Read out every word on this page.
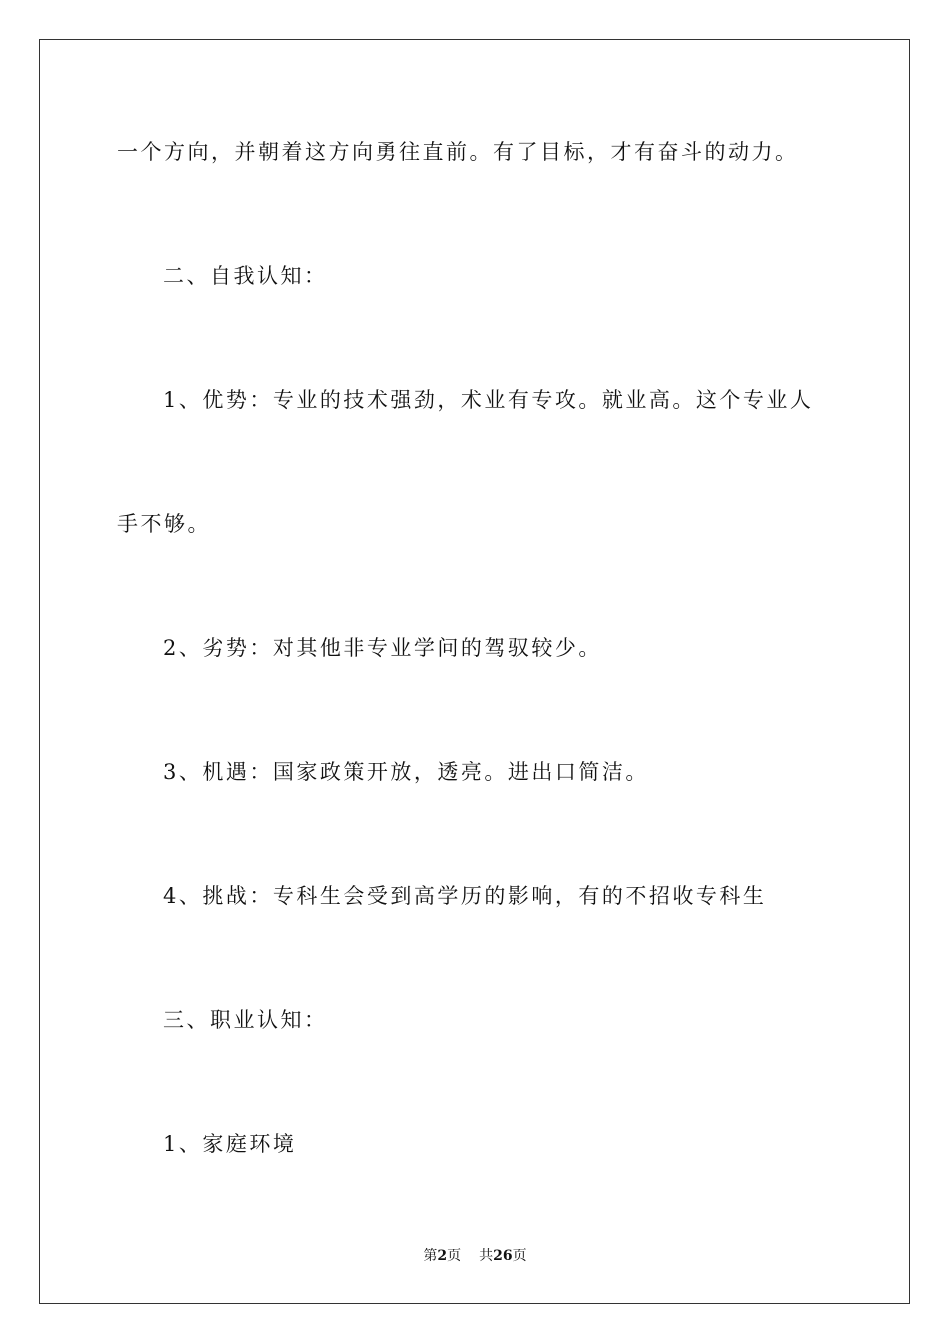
一个方向，并朝着这方向勇往直前。有了目标，才有奋斗的动力。
二、自我认知：
1、优势：专业的技术强劲，术业有专攻。就业高。这个专业人
手不够。
2、劣势：对其他非专业学问的驾驭较少。
3、机遇：国家政策开放，透亮。进出口简洁。
4、挑战：专科生会受到高学历的影响，有的不招收专科生
三、职业认知：
1、家庭环境
第2页 共26页
